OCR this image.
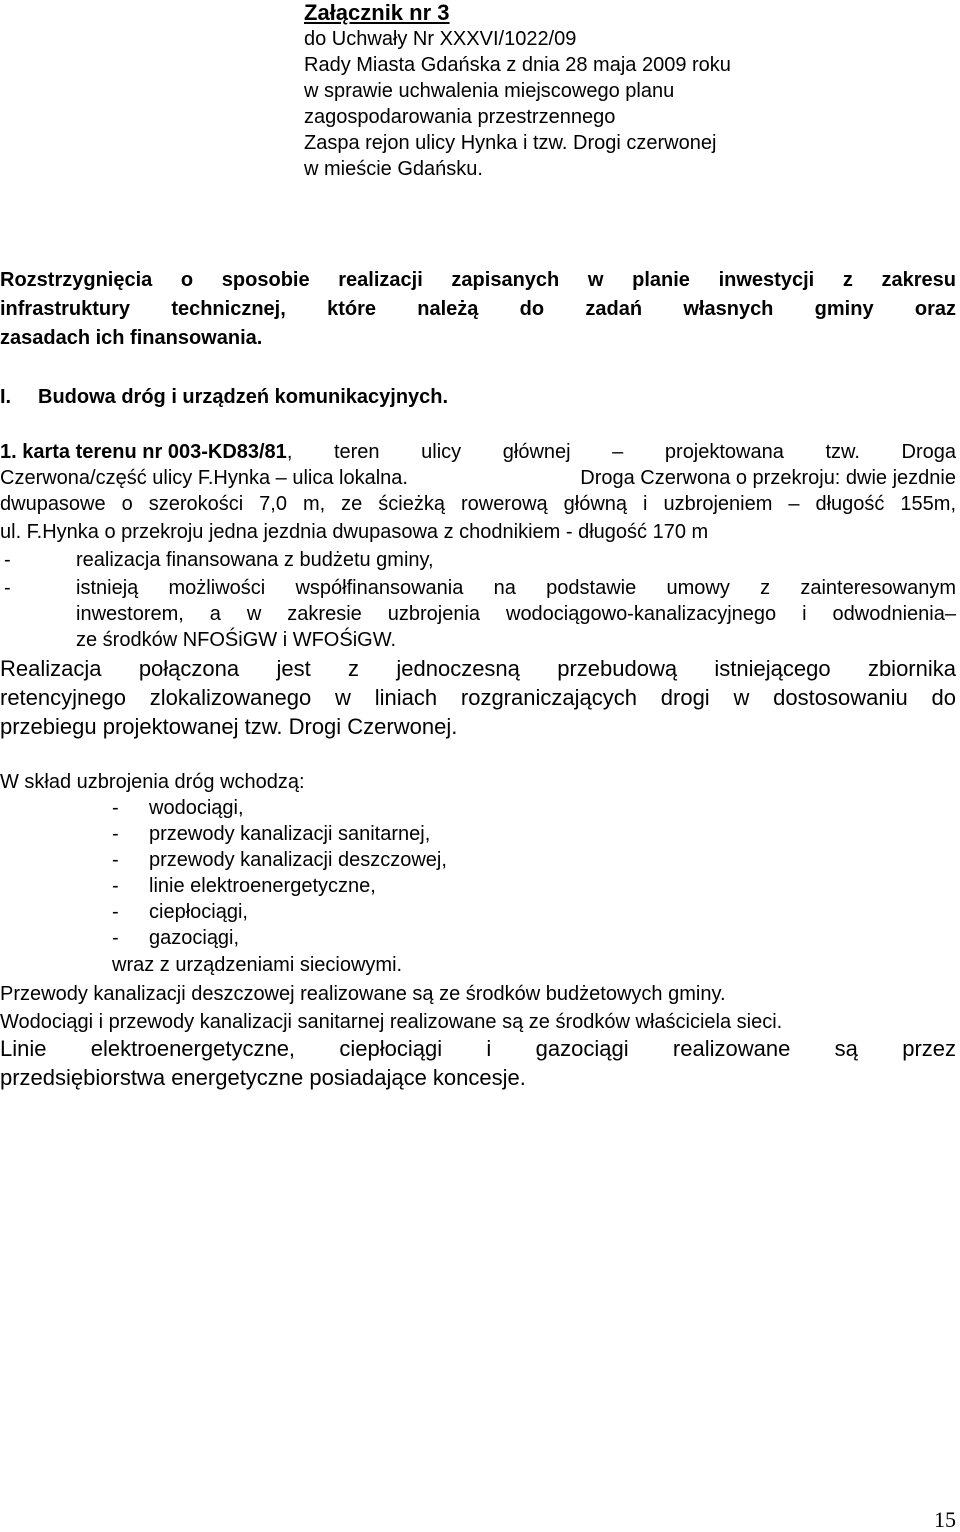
Załącznik nr 3
do Uchwały Nr XXXVI/1022/09
Rady Miasta Gdańska z dnia 28 maja 2009 roku
w sprawie uchwalenia miejscowego planu
zagospodarowania przestrzennego
Zaspa rejon ulicy Hynka i tzw. Drogi czerwonej
w mieście Gdańsku.
Rozstrzygnięcia o sposobie realizacji zapisanych w planie inwestycji z zakresu
infrastruktury technicznej, które należą do zadań własnych gminy oraz
zasadach ich finansowania.
I. Budowa dróg i urządzeń komunikacyjnych.
1. karta terenu nr 003-KD83/81 , teren ulicy głównej – projektowana tzw. Droga
Czerwona/część ulicy F.Hynka – ulica lokalna.	Droga Czerwona o przekroju: dwie jezdnie
dwupasowe o szerokości 7,0 m, ze ścieżką rowerową główną i uzbrojeniem – długość 155m,
ul. F.Hynka o przekroju jedna jezdnia dwupasowa z chodnikiem - długość 170 m
-	realizacja finansowana z budżetu gminy,
-	istnieją możliwości współfinansowania na podstawie umowy z zainteresowanym
inwestorem, a w zakresie uzbrojenia wodociągowo-kanalizacyjnego i odwodnienia–
ze środków NFOŚiGW i WFOŚiGW.
Realizacja połączona jest z jednoczesną przebudową istniejącego zbiornika
retencyjnego zlokalizowanego w liniach rozgraniczających drogi w dostosowaniu do
przebiegu projektowanej tzw. Drogi Czerwonej.
W skład uzbrojenia dróg wchodzą:
- wodociągi,
- przewody kanalizacji sanitarnej,
- przewody kanalizacji deszczowej,
- linie elektroenergetyczne,
- ciepłociągi,
- gazociągi,
wraz z urządzeniami sieciowymi.
Przewody kanalizacji deszczowej realizowane są ze środków budżetowych gminy.
Wodociągi i przewody kanalizacji sanitarnej realizowane są ze środków właściciela sieci.
Linie elektroenergetyczne, ciepłociągi i gazociągi realizowane są przez
przedsiębiorstwa energetyczne posiadające koncesje.
15
